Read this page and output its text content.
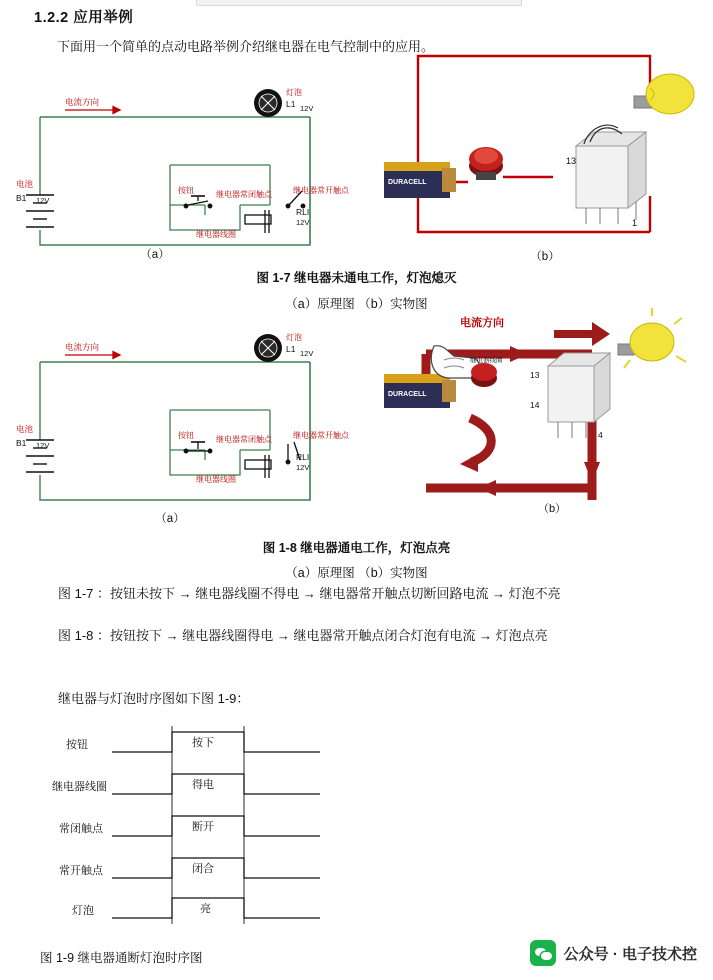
1.2.2 应用举例
下面用一个简单的点动电路举例介绍继电器在电气控制中的应用。
电流方向
电池
B1 12V
按钮
继电器线圈
继电器常闭触点	继电器常开触点
RLI
12V
灯泡
L1 12V
（a）
DURACELL
13
1
（b）
图 1-7 继电器未通电工作，灯泡熄灭
（a）原理图 （b）实物图
电流方向
电池
B1 12V
按钮
继电器线圈
继电器常闭触点	继电器常开触点
RLI
12V
灯泡
L1 12V
（a）
电流方向
DURACELL
继电器线圈
13
14
4
（b）
图 1-8 继电器通电工作，灯泡点亮
（a）原理图 （b）实物图
图 1-7 ：按钮未按下 → 继电器线圈不得电 → 继电器常开触点切断回路电流 → 灯泡不亮
图 1-8 ：按钮按下 → 继电器线圈得电 → 继电器常开触点闭合灯泡有电流 → 灯泡点亮
继电器与灯泡时序图如下图 1-9：
按钮	按下
继电器线圈	得电
常闭触点	断开
常开触点	闭合
灯泡	亮
图 1-9 继电器通断灯泡时序图	公众号 · 电子技术控
